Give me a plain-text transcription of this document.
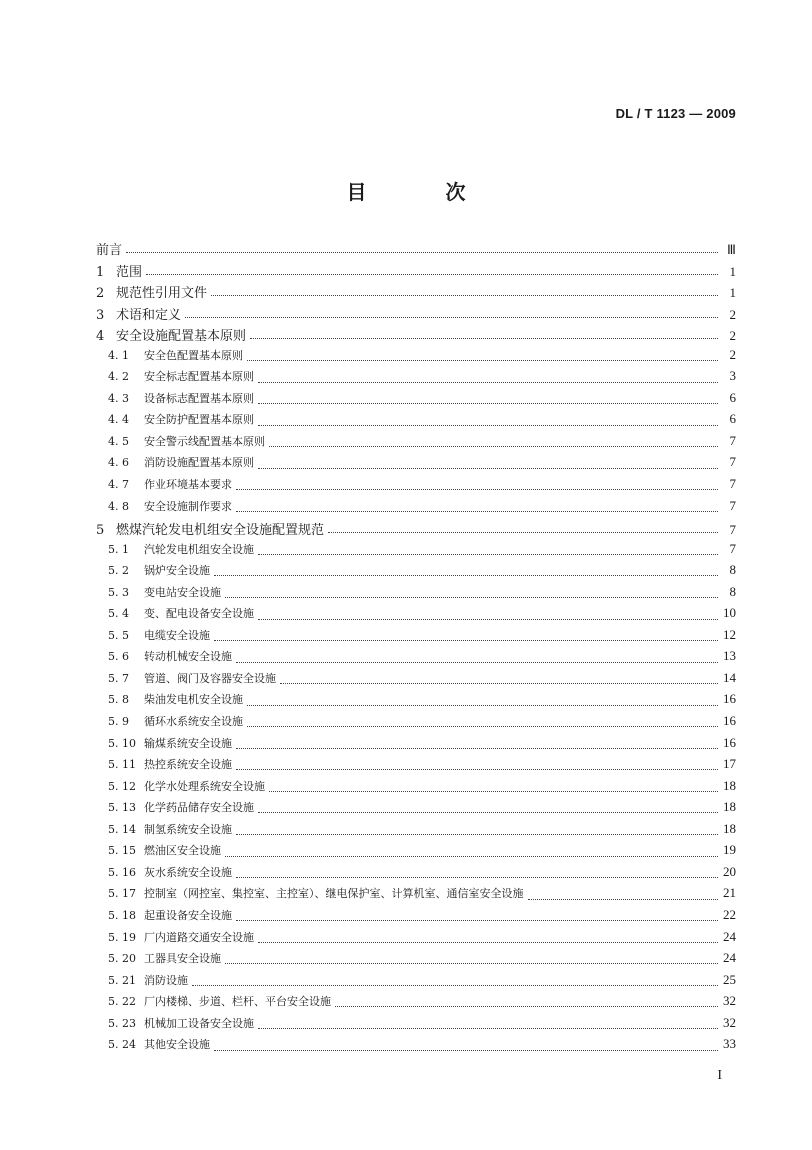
DL / T 1123 — 2009
目 次
前言	Ⅲ
1 范围	1
2 规范性引用文件	1
3 术语和定义	2
4 安全设施配置基本原则	2
4. 1	安全色配置基本原则	2
4. 2	安全标志配置基本原则	3
4. 3	设备标志配置基本原则	6
4. 4	安全防护配置基本原则	6
4. 5	安全警示线配置基本原则	7
4. 6	消防设施配置基本原则	7
4. 7	作业环境基本要求	7
4. 8	安全设施制作要求	7
5 燃煤汽轮发电机组安全设施配置规范	7
5. 1	汽轮发电机组安全设施	7
5. 2	锅炉安全设施	8
5. 3	变电站安全设施	8
5. 4	变、配电设备安全设施	10
5. 5	电缆安全设施	12
5. 6	转动机械安全设施	13
5. 7	管道、阀门及容器安全设施	14
5. 8	柴油发电机安全设施	16
5. 9	循环水系统安全设施	16
5. 10 输煤系统安全设施	16
5. 11 热控系统安全设施	17
5. 12 化学水处理系统安全设施	18
5. 13 化学药品储存安全设施	18
5. 14 制氢系统安全设施	18
5. 15 燃油区安全设施	19
5. 16 灰水系统安全设施	20
5. 17 控制室（网控室、集控室、主控室）、继电保护室、计算机室、通信室安全设施	21
5. 18 起重设备安全设施	22
5. 19 厂内道路交通安全设施	24
5. 20 工器具安全设施	24
5. 21 消防设施	25
5. 22 厂内楼梯、步道、栏杆、平台安全设施	32
5. 23 机械加工设备安全设施	32
5. 24 其他安全设施	33
I
